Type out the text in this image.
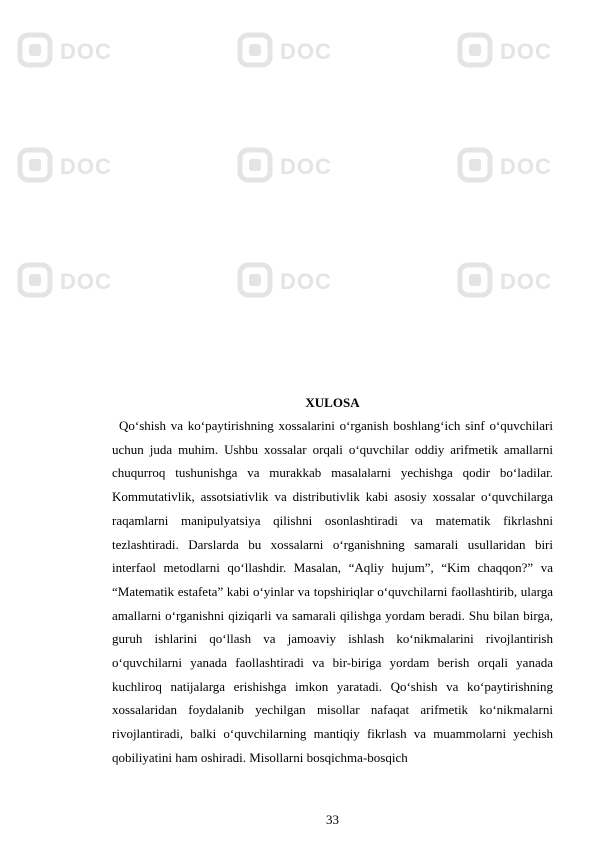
DOC
XULOSA
Qo‘shish va ko‘paytirishning xossalarini o‘rganish boshlang‘ich sinf o‘quvchilari uchun juda muhim. Ushbu xossalar orqali o‘quvchilar oddiy arifmetik amallarni chuqurroq tushunishga va murakkab masalalarni yechishga qodir bo‘ladilar. Kommutativlik, assotsiativlik va distributivlik kabi asosiy xossalar o‘quvchilarga raqamlarni manipulyatsiya qilishni osonlashtiradi va matematik fikrlashni tezlashtiradi. Darslarda bu xossalarni o‘rganishning samarali usullaridan biri interfaol metodlarni qo‘llashdir. Masalan, “Aqliy hujum”, “Kim chaqqon?” va “Matematik estafeta” kabi o‘yinlar va topshiriqlar o‘quvchilarni faollashtirib, ularga amallarni o‘rganishni qiziqarli va samarali qilishga yordam beradi. Shu bilan birga, guruh ishlarini qo‘llash va jamoaviy ishlash ko‘nikmalarini rivojlantirish o‘quvchilarni yanada faollashtiradi va bir-biriga yordam berish orqali yanada kuchliroq natijalarga erishishga imkon yaratadi. Qo‘shish va ko‘paytirishning xossalaridan foydalanib yechilgan misollar nafaqat arifmetik ko‘nikmalarni rivojlantiradi, balki o‘quvchilarning mantiqiy fikrlash va muammolarni yechish qobiliyatini ham oshiradi. Misollarni bosqichma-bosqich
33
